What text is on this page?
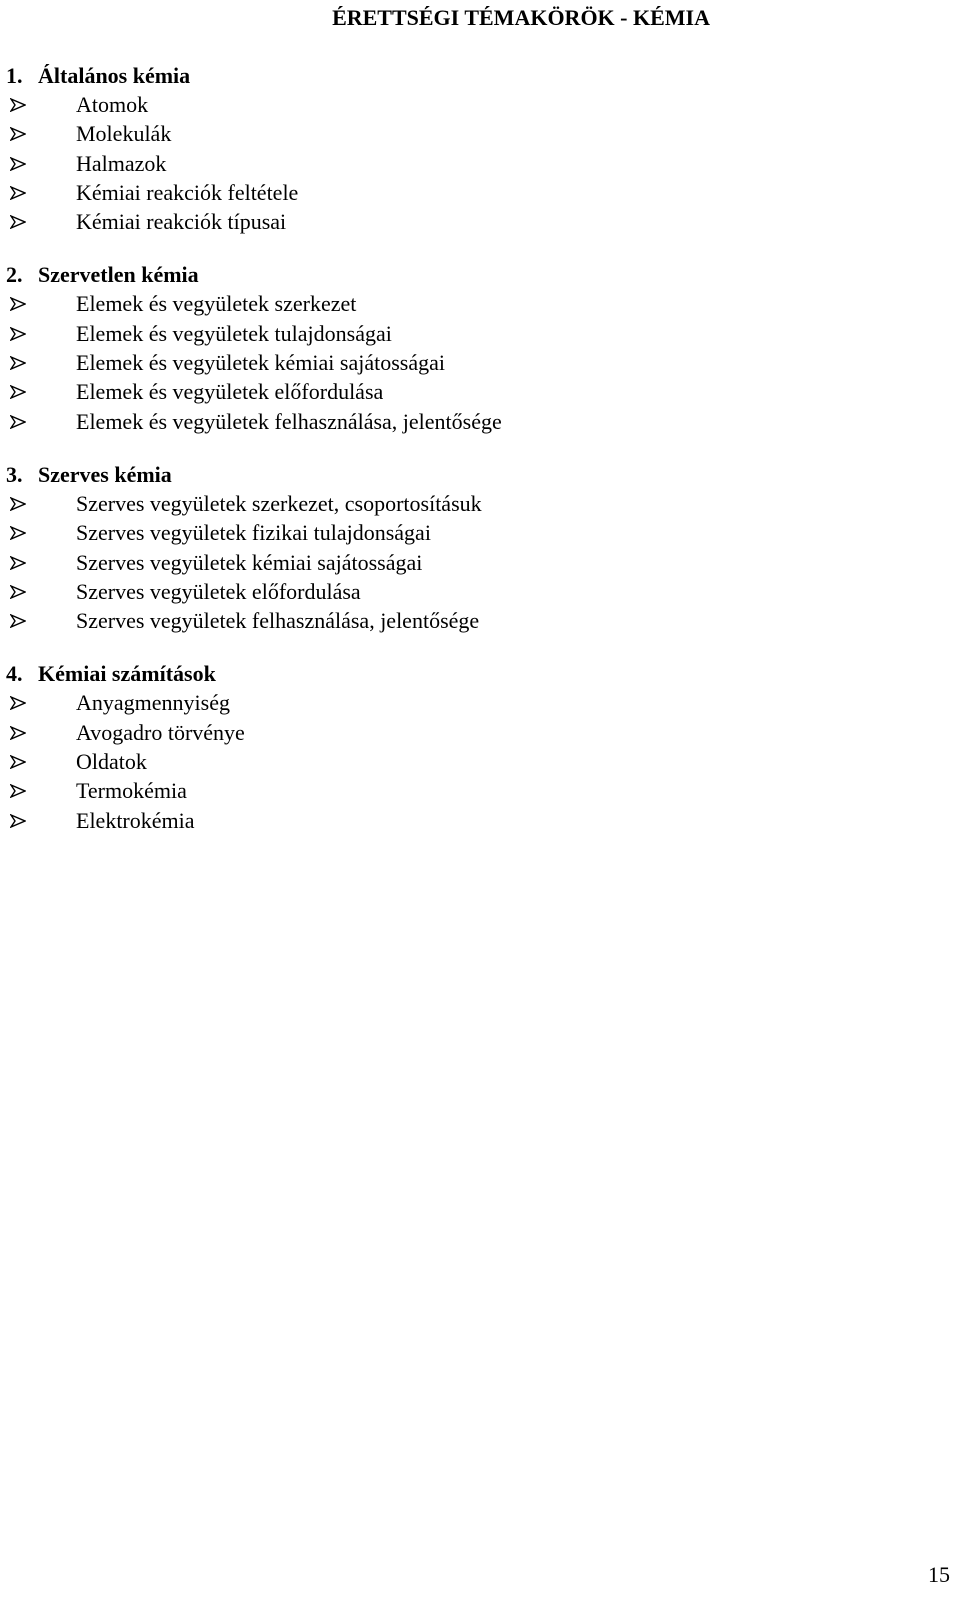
ÉRETTSÉGI TÉMAKÖRÖK - KÉMIA
1. Általános kémia
Atomok
Molekulák
Halmazok
Kémiai reakciók feltétele
Kémiai reakciók típusai
2. Szervetlen kémia
Elemek és vegyületek szerkezet
Elemek és vegyületek tulajdonságai
Elemek és vegyületek kémiai sajátosságai
Elemek és vegyületek előfordulása
Elemek és vegyületek felhasználása, jelentősége
3. Szerves kémia
Szerves vegyületek szerkezet, csoportosításuk
Szerves vegyületek fizikai tulajdonságai
Szerves vegyületek kémiai sajátosságai
Szerves vegyületek előfordulása
Szerves vegyületek felhasználása, jelentősége
4. Kémiai számítások
Anyagmennyiség
Avogadro törvénye
Oldatok
Termokémia
Elektrokémia
15
